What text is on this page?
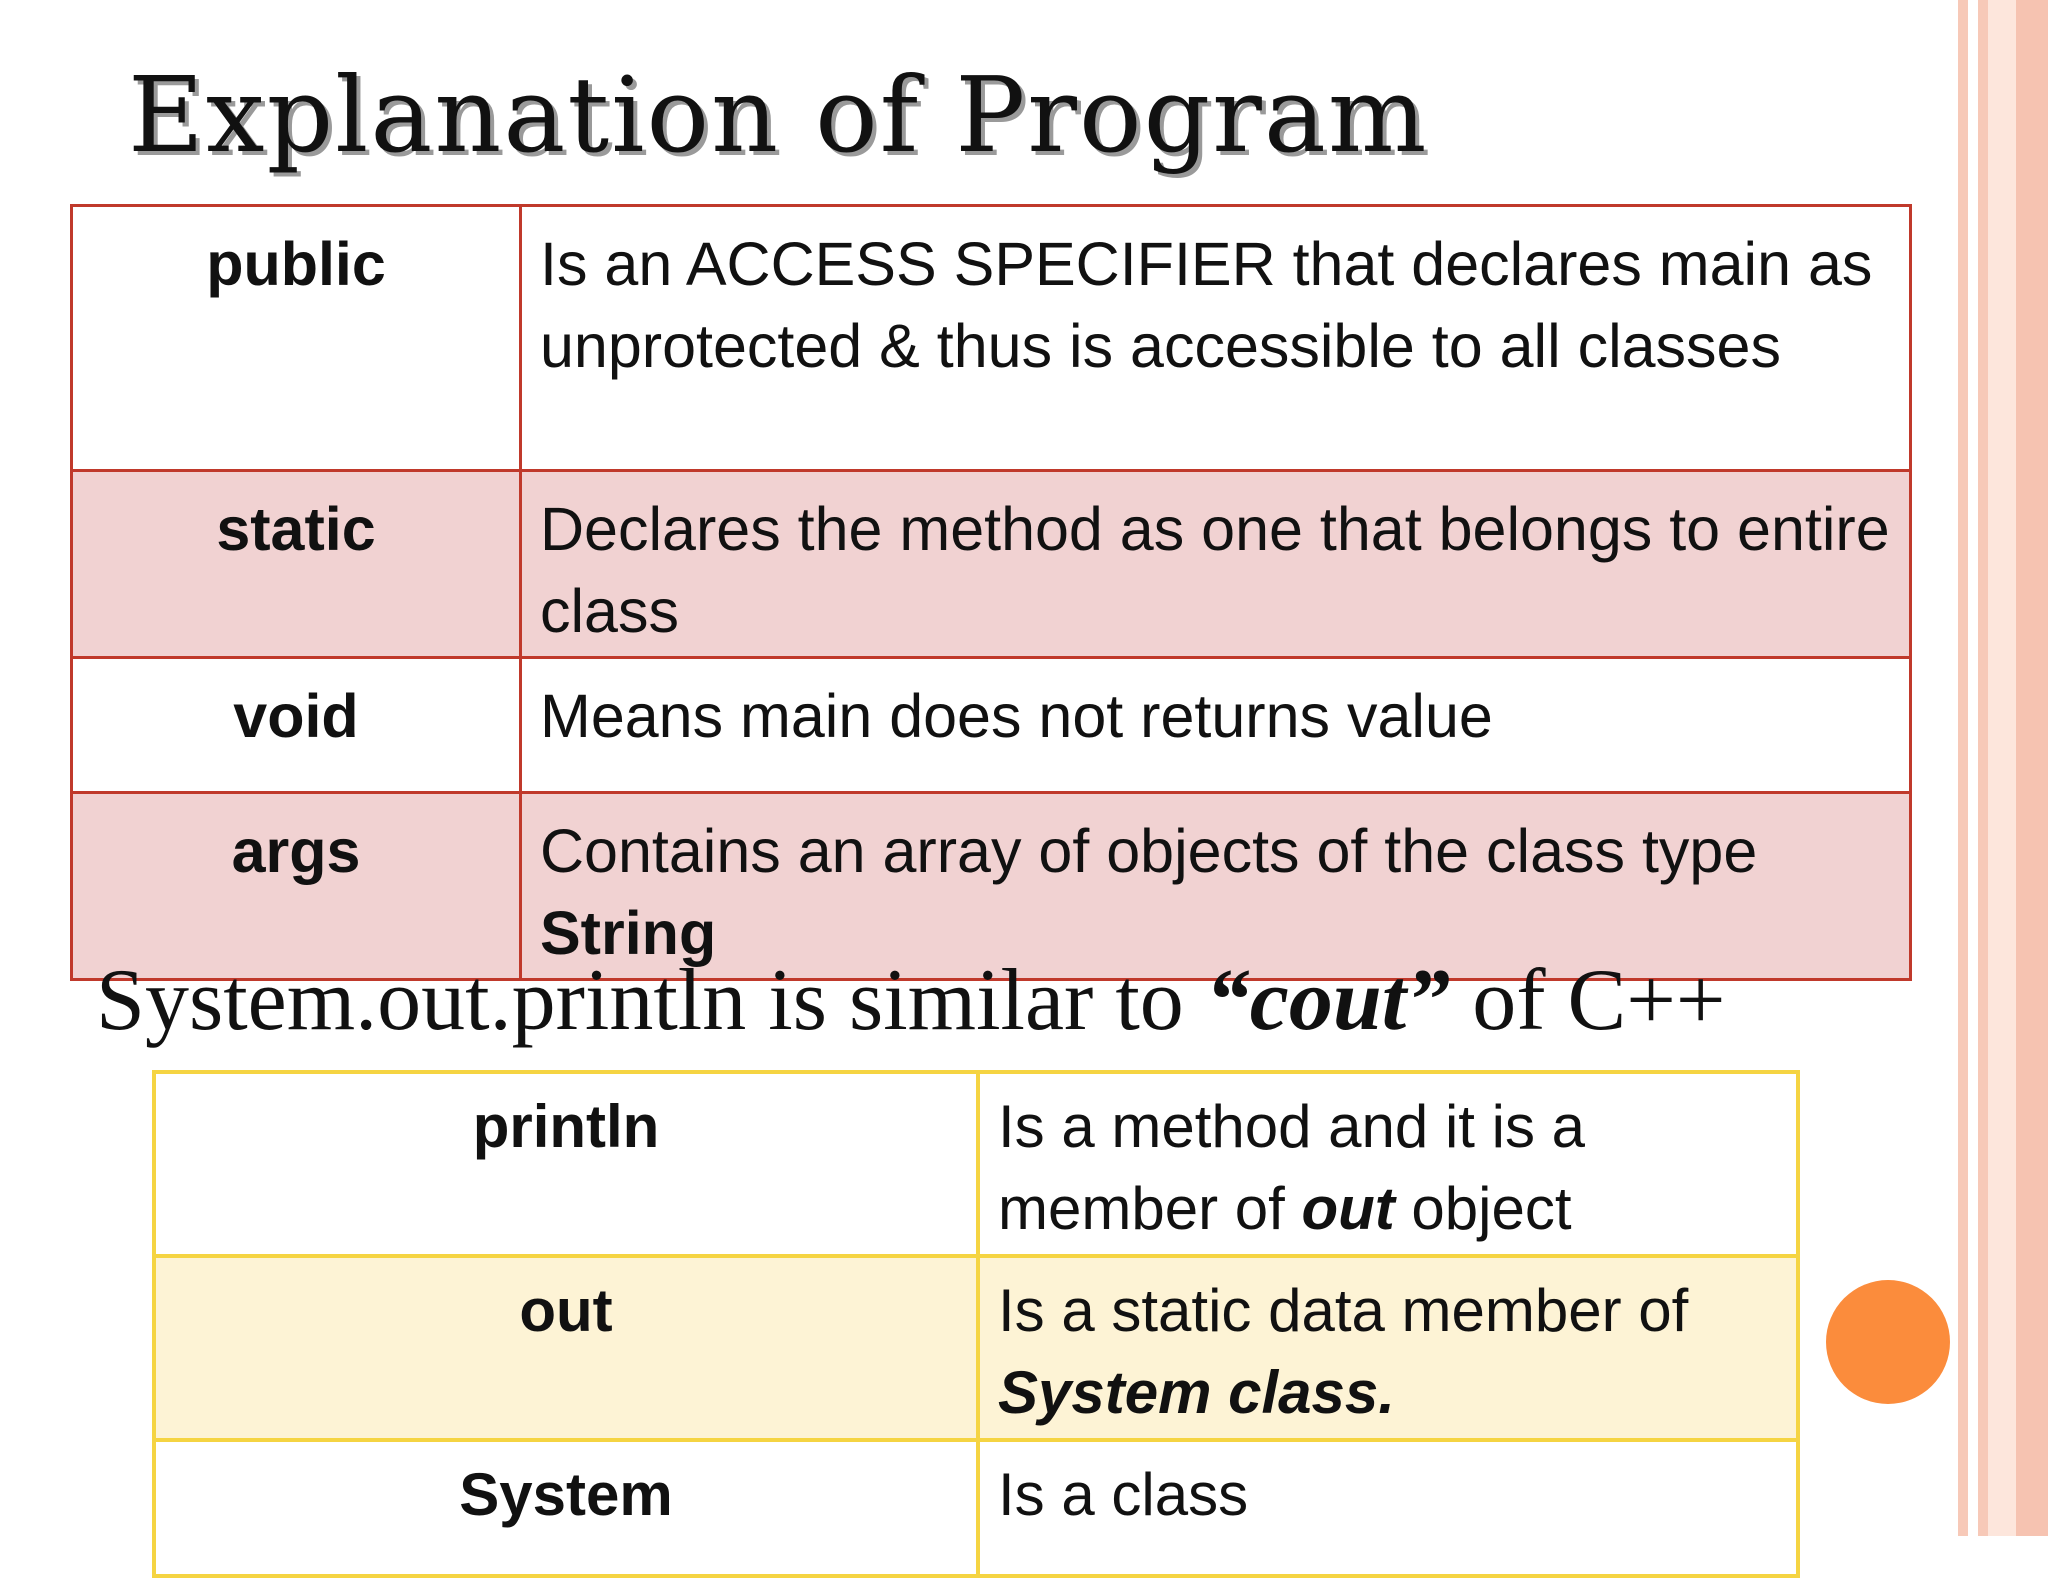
Explanation of Program
public	Is an ACCESS SPECIFIER that declares main as unprotected & thus is accessible to all classes
static	Declares the method as one that belongs to entire class
void	Means main does not returns value
args	Contains an array of objects of the class type String
System.out.println is similar to “cout” of C++
println	Is a method and it is a member of out object
out	Is a static data member of System class.
System	Is a class
